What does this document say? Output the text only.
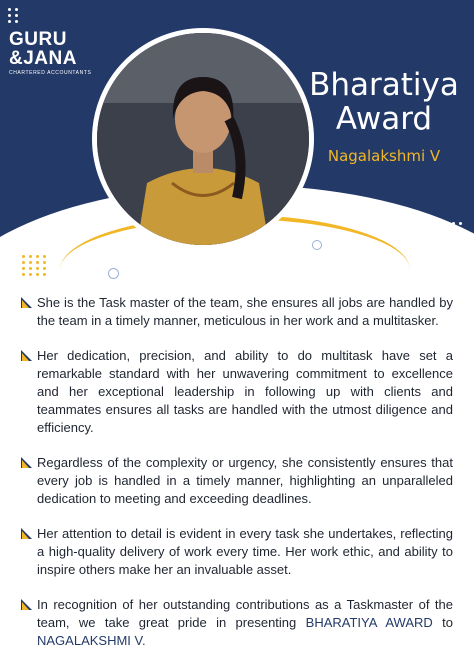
GURU
&JANA
CHARTERED ACCOUNTANTS	Bharatiya
Award
Nagalakshmi V

She is the Task master of the team, she ensures all jobs are handled by the team in a timely manner, meticulous in her work and a multitasker.

Her dedication, precision, and ability to do multitask have set a remarkable standard with her unwavering commitment to excellence and her exceptional leadership in following up with clients and teammates ensures all tasks are handled with the utmost diligence and efficiency.

Regardless of the complexity or urgency, she consistently ensures that every job is handled in a timely manner, highlighting an unparalleled dedication to meeting and exceeding deadlines.

Her attention to detail is evident in every task she undertakes, reflecting a high-quality delivery of work every time. Her work ethic, and ability to inspire others make her an invaluable asset.

In recognition of her outstanding contributions as a Taskmaster of the team, we take great pride in presenting BHARATIYA AWARD to NAGALAKSHMI V.
